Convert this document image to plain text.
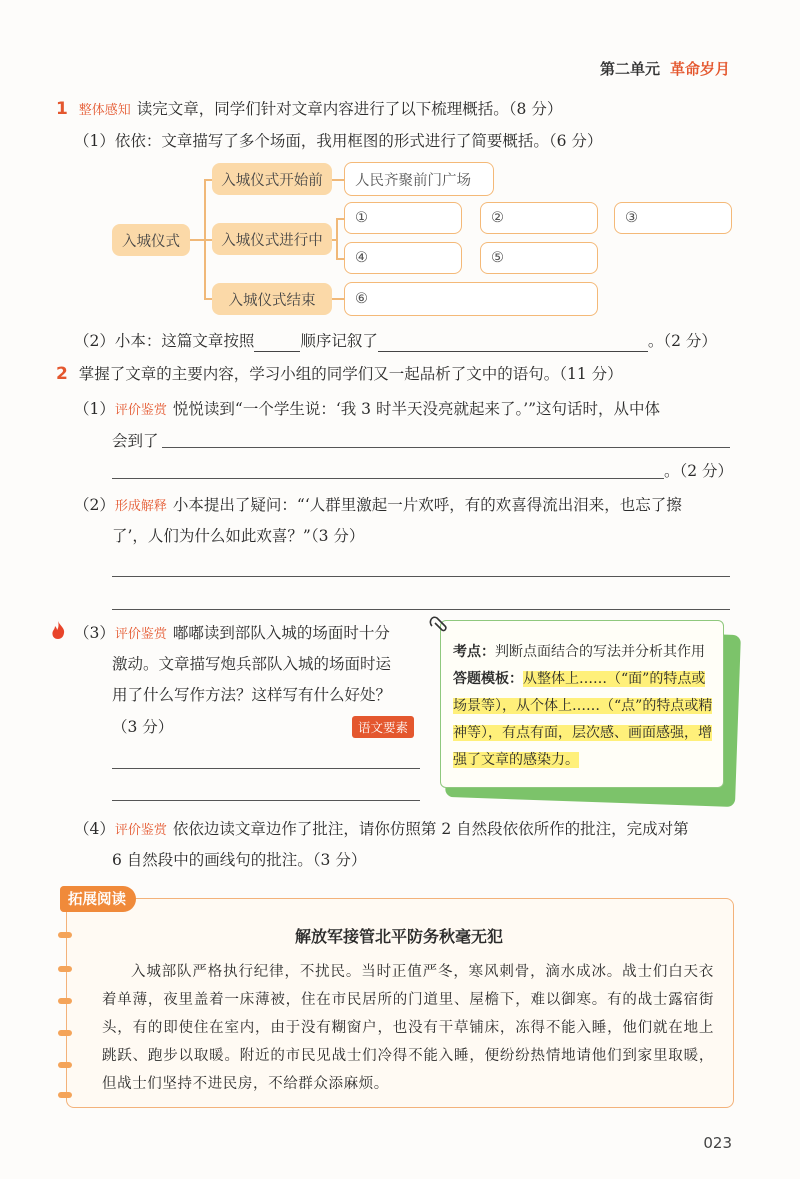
第二单元 革命岁月
1 整体感知 读完文章，同学们针对文章内容进行了以下梳理概括。（8 分）
（1）依依：文章描写了多个场面，我用框图的形式进行了简要概括。（6 分）
入城仪式
入城仪式开始前
入城仪式进行中
入城仪式结束
人民齐聚前门广场
①	②	③
④	⑤
⑥
（2）小本：这篇文章按照	顺序记叙了	。（2 分）
2 掌握了文章的主要内容，学习小组的同学们又一起品析了文中的语句。（11 分）
（1）评价鉴赏 悦悦读到“一个学生说：‘我 3 时半天没亮就起来了。’”这句话时，从中体
会到了
。（2 分）
（2）形成解释 小本提出了疑问：“‘人群里激起一片欢呼，有的欢喜得流出泪来，也忘了擦
了’，人们为什么如此欢喜？”（3 分）
（3）评价鉴赏 嘟嘟读到部队入城的场面时十分
激动。文章描写炮兵部队入城的场面时运
用了什么写作方法？这样写有什么好处？
（3 分）	语文要素
考点：判断点面结合的写法并分析其作用
答题模板：从整体上……（“面”的特点或场景等），从个体上……（“点”的特点或精神等），有点有面，层次感、画面感强，增强了文章的感染力。
（4）评价鉴赏 依依边读文章边作了批注，请你仿照第 2 自然段依依所作的批注，完成对第
6 自然段中的画线句的批注。（3 分）
拓展阅读
解放军接管北平防务秋毫无犯
入城部队严格执行纪律，不扰民。当时正值严冬，寒风刺骨，滴水成冰。战士们白天衣着单薄，夜里盖着一床薄被，住在市民居所的门道里、屋檐下，难以御寒。有的战士露宿街头，有的即使住在室内，由于没有糊窗户，也没有干草铺床，冻得不能入睡，他们就在地上跳跃、跑步以取暖。附近的市民见战士们冷得不能入睡，便纷纷热情地请他们到家里取暖，但战士们坚持不进民房，不给群众添麻烦。
023
